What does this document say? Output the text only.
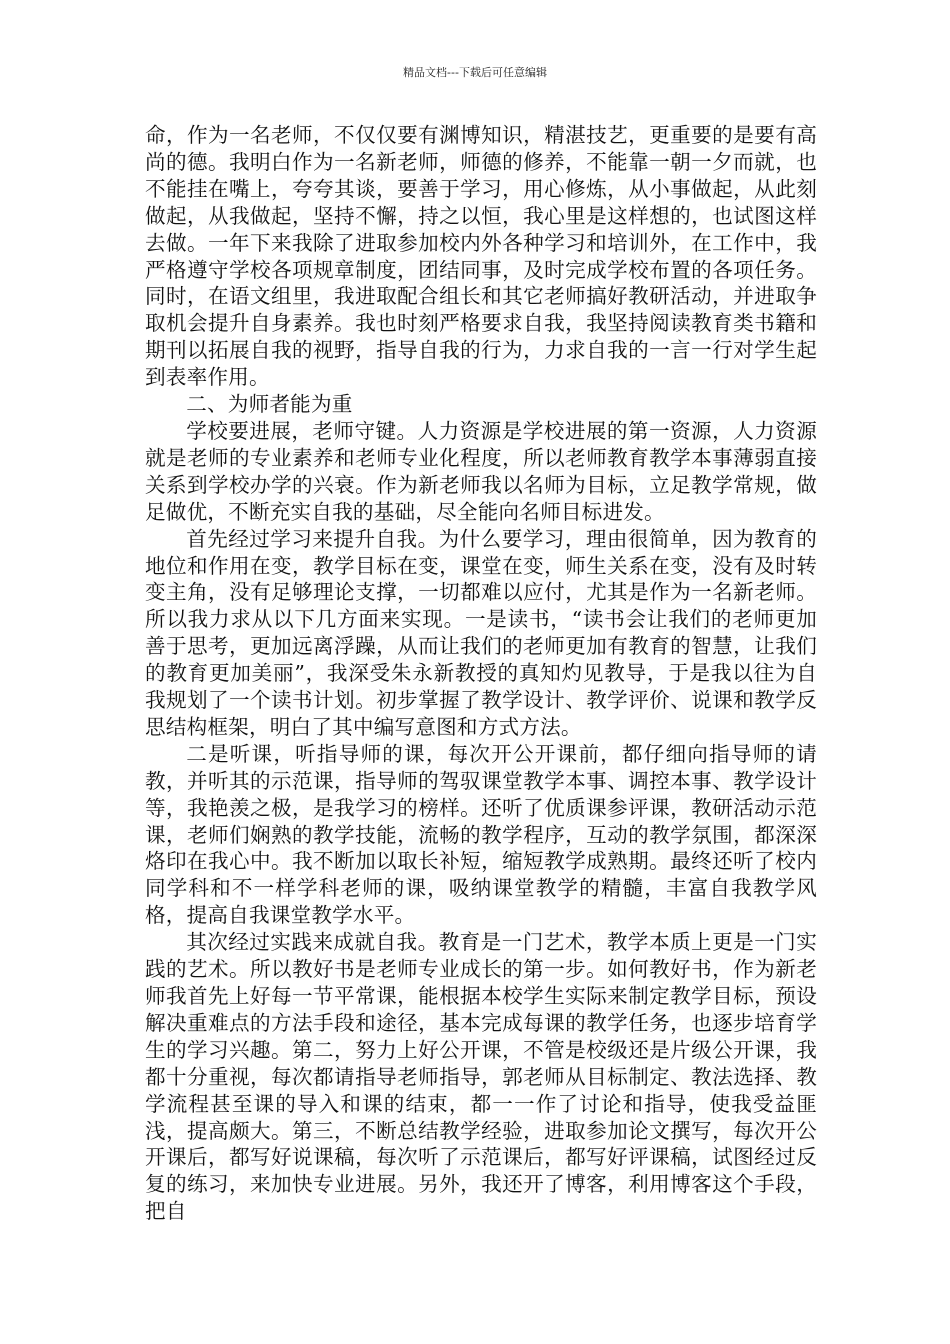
精品文档---下载后可任意编辑

命，作为一名老师，不仅仅要有渊博知识，精湛技艺，更重要的是要有高尚的德。我明白作为一名新老师，师德的修养，不能靠一朝一夕而就，也不能挂在嘴上，夸夸其谈，要善于学习，用心修炼，从小事做起，从此刻做起，从我做起，坚持不懈，持之以恒，我心里是这样想的，也试图这样去做。一年下来我除了进取参加校内外各种学习和培训外，在工作中，我严格遵守学校各项规章制度，团结同事，及时完成学校布置的各项任务。同时，在语文组里，我进取配合组长和其它老师搞好教研活动，并进取争取机会提升自身素养。我也时刻严格要求自我，我坚持阅读教育类书籍和期刊以拓展自我的视野，指导自我的行为，力求自我的一言一行对学生起到表率作用。

二、为师者能为重

学校要进展，老师守键。人力资源是学校进展的第一资源，人力资源就是老师的专业素养和老师专业化程度，所以老师教育教学本事薄弱直接关系到学校办学的兴衰。作为新老师我以名师为目标，立足教学常规，做足做优，不断充实自我的基础，尽全能向名师目标进发。

首先经过学习来提升自我。为什么要学习，理由很简单，因为教育的地位和作用在变，教学目标在变，课堂在变，师生关系在变，没有及时转变主角，没有足够理论支撑，一切都难以应付，尤其是作为一名新老师。所以我力求从以下几方面来实现。一是读书，“读书会让我们的老师更加善于思考，更加远离浮躁，从而让我们的老师更加有教育的智慧，让我们的教育更加美丽”，我深受朱永新教授的真知灼见教导，于是我以往为自我规划了一个读书计划。初步掌握了教学设计、教学评价、说课和教学反思结构框架，明白了其中编写意图和方式方法。

二是听课，听指导师的课，每次开公开课前，都仔细向指导师的请教，并听其的示范课，指导师的驾驭课堂教学本事、调控本事、教学设计等，我艳羡之极，是我学习的榜样。还听了优质课参评课，教研活动示范课，老师们娴熟的教学技能，流畅的教学程序，互动的教学氛围，都深深烙印在我心中。我不断加以取长补短，缩短教学成熟期。最终还听了校内同学科和不一样学科老师的课，吸纳课堂教学的精髓，丰富自我教学风格，提高自我课堂教学水平。

其次经过实践来成就自我。教育是一门艺术，教学本质上更是一门实践的艺术。所以教好书是老师专业成长的第一步。如何教好书，作为新老师我首先上好每一节平常课，能根据本校学生实际来制定教学目标，预设解决重难点的方法手段和途径，基本完成每课的教学任务，也逐步培育学生的学习兴趣。第二，努力上好公开课，不管是校级还是片级公开课，我都十分重视，每次都请指导老师指导，郭老师从目标制定、教法选择、教学流程甚至课的导入和课的结束，都一一作了讨论和指导，使我受益匪浅，提高颇大。第三，不断总结教学经验，进取参加论文撰写，每次开公开课后，都写好说课稿，每次听了示范课后，都写好评课稿，试图经过反复的练习，来加快专业进展。另外，我还开了博客，利用博客这个手段，把自
